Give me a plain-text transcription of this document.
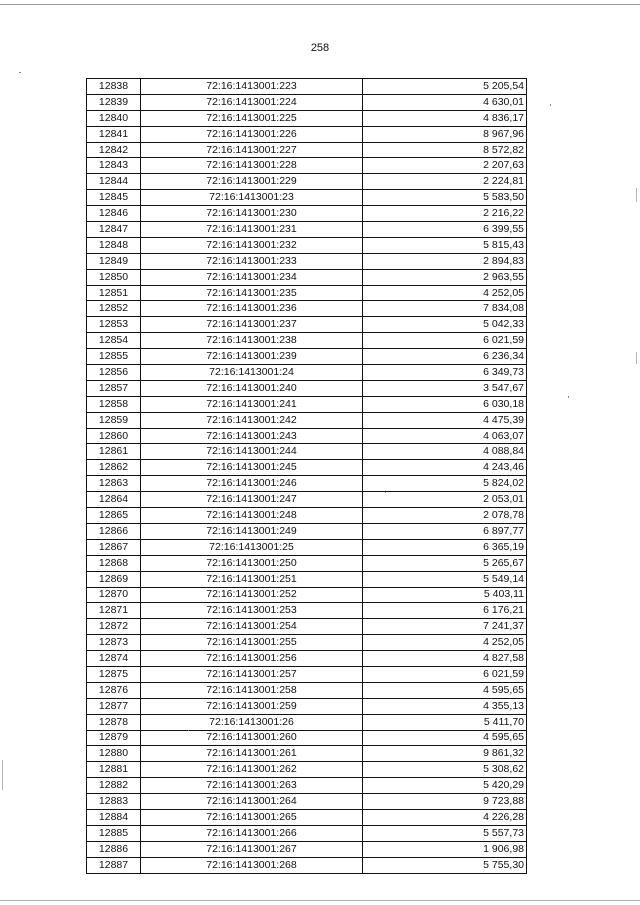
258
12838	72:16:1413001:223	5 205,54
12839	72:16:1413001:224	4 630,01
12840	72:16:1413001:225	4 836,17
12841	72:16:1413001:226	8 967,96
12842	72:16:1413001:227	8 572,82
12843	72:16:1413001:228	2 207,63
12844	72:16:1413001:229	2 224,81
12845	72:16:1413001:23	5 583,50
12846	72:16:1413001:230	2 216,22
12847	72:16:1413001:231	6 399,55
12848	72:16:1413001:232	5 815,43
12849	72:16:1413001:233	2 894,83
12850	72:16:1413001:234	2 963,55
12851	72:16:1413001:235	4 252,05
12852	72:16:1413001:236	7 834,08
12853	72:16:1413001:237	5 042,33
12854	72:16:1413001:238	6 021,59
12855	72:16:1413001:239	6 236,34
12856	72:16:1413001:24	6 349,73
12857	72:16:1413001:240	3 547,67
12858	72:16:1413001:241	6 030,18
12859	72:16:1413001:242	4 475,39
12860	72:16:1413001:243	4 063,07
12861	72:16:1413001:244	4 088,84
12862	72:16:1413001:245	4 243,46
12863	72:16:1413001:246	5 824,02
12864	72:16:1413001:247	2 053,01
12865	72:16:1413001:248	2 078,78
12866	72:16:1413001:249	6 897,77
12867	72:16:1413001:25	6 365,19
12868	72:16:1413001:250	5 265,67
12869	72:16:1413001:251	5 549,14
12870	72:16:1413001:252	5 403,11
12871	72:16:1413001:253	6 176,21
12872	72:16:1413001:254	7 241,37
12873	72:16:1413001:255	4 252,05
12874	72:16:1413001:256	4 827,58
12875	72:16:1413001:257	6 021,59
12876	72:16:1413001:258	4 595,65
12877	72:16:1413001:259	4 355,13
12878	72:16:1413001:26	5 411,70
12879	72:16:1413001:260	4 595,65
12880	72:16:1413001:261	9 861,32
12881	72:16:1413001:262	5 308,62
12882	72:16:1413001:263	5 420,29
12883	72:16:1413001:264	9 723,88
12884	72:16:1413001:265	4 226,28
12885	72:16:1413001:266	5 557,73
12886	72:16:1413001:267	1 906,98
12887	72:16:1413001:268	5 755,30
